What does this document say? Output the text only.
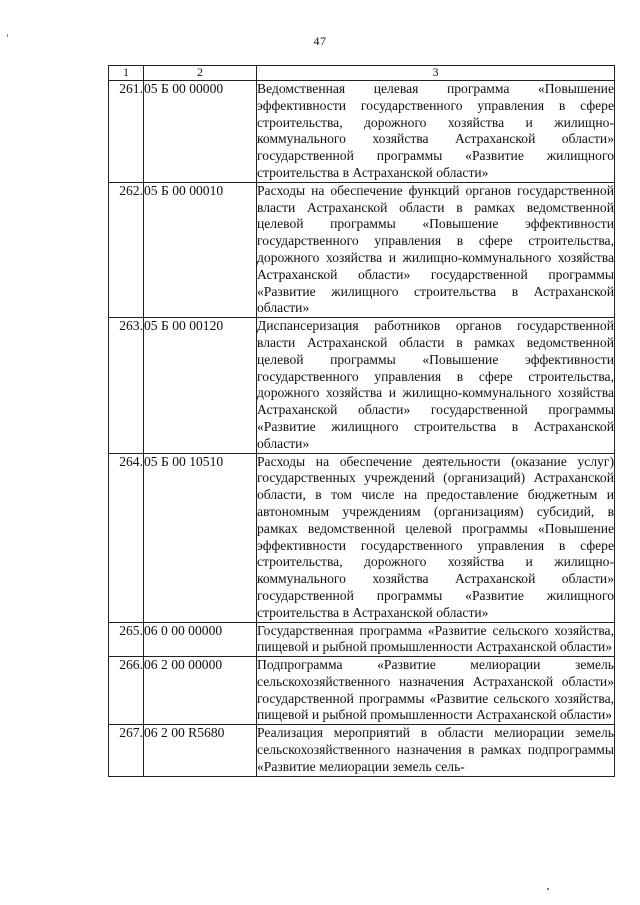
47
1	2	3
261.	05 Б 00 00000	Ведомственная целевая программа «Повышение эффективности государственного управления в сфере строительства, дорожного хозяйства и жилищно-коммунального хозяйства Астраханской области» государственной программы «Развитие жилищного строительства в Астраханской области»
262.	05 Б 00 00010	Расходы на обеспечение функций органов государственной власти Астраханской области в рамках ведомственной целевой программы «Повышение эффективности государственного управления в сфере строительства, дорожного хозяйства и жилищно-коммунального хозяйства Астраханской области» государственной программы «Развитие жилищного строительства в Астраханской области»
263.	05 Б 00 00120	Диспансеризация работников органов государственной власти Астраханской области в рамках ведомственной целевой программы «Повышение эффективности государственного управления в сфере строительства, дорожного хозяйства и жилищно-коммунального хозяйства Астраханской области» государственной программы «Развитие жилищного строительства в Астраханской области»
264.	05 Б 00 10510	Расходы на обеспечение деятельности (оказание услуг) государственных учреждений (организаций) Астраханской области, в том числе на предоставление бюджетным и автономным учреждениям (организациям) субсидий, в рамках ведомственной целевой программы «Повышение эффективности государственного управления в сфере строительства, дорожного хозяйства и жилищно-коммунального хозяйства Астраханской области» государственной программы «Развитие жилищного строительства в Астраханской области»
265.	06 0 00 00000	Государственная программа «Развитие сельского хозяйства, пищевой и рыбной промышленности Астраханской области»
266.	06 2 00 00000	Подпрограмма «Развитие мелиорации земель сельскохозяйственного назначения Астраханской области» государственной программы «Развитие сельского хозяйства, пищевой и рыбной промышленности Астраханской области»
267.	06 2 00 R5680	Реализация мероприятий в области мелиорации земель сельскохозяйственного назначения в рамках подпрограммы «Развитие мелиорации земель сель-
